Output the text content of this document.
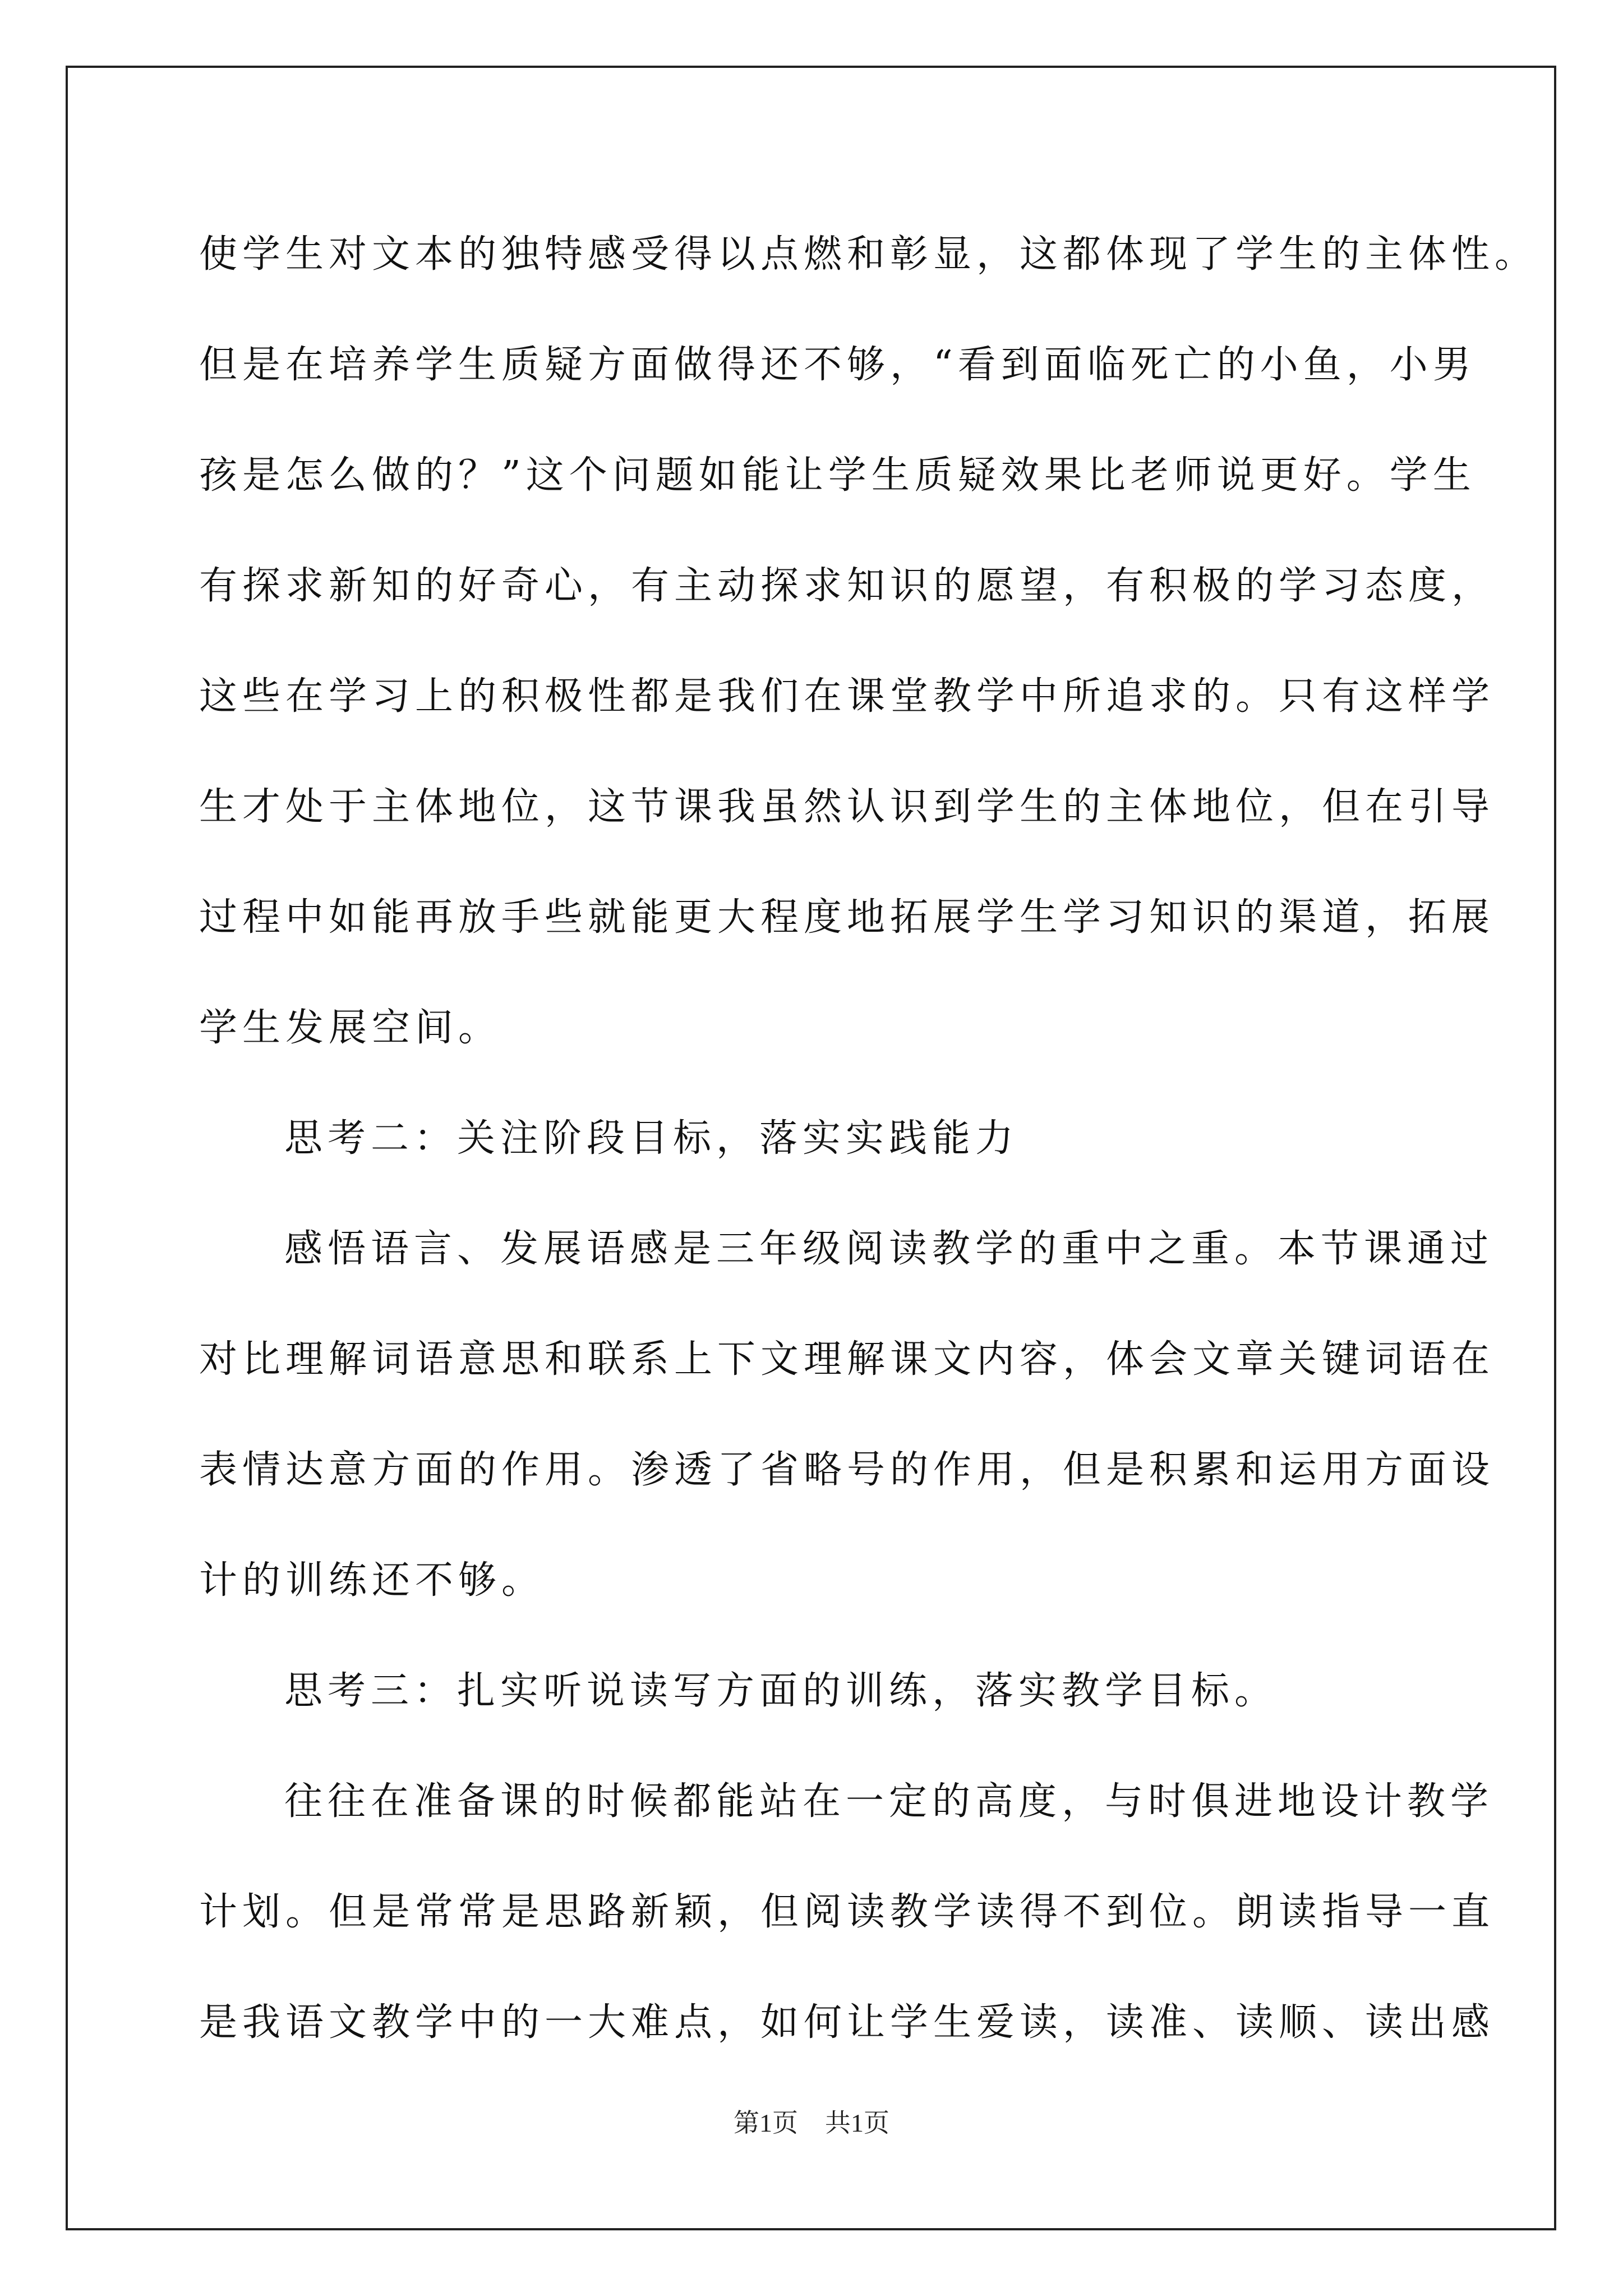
使学生对文本的独特感受得以点燃和彰显，这都体现了学生的主体性。
但是在培养学生质疑方面做得还不够，“看到面临死亡的小鱼，小男
孩是怎么做的？”这个问题如能让学生质疑效果比老师说更好。学生
有探求新知的好奇心，有主动探求知识的愿望，有积极的学习态度，
这些在学习上的积极性都是我们在课堂教学中所追求的。只有这样学
生才处于主体地位，这节课我虽然认识到学生的主体地位，但在引导
过程中如能再放手些就能更大程度地拓展学生学习知识的渠道，拓展
学生发展空间。
思考二：关注阶段目标，落实实践能力
感悟语言、发展语感是三年级阅读教学的重中之重。本节课通过
对比理解词语意思和联系上下文理解课文内容，体会文章关键词语在
表情达意方面的作用。渗透了省略号的作用，但是积累和运用方面设
计的训练还不够。
思考三：扎实听说读写方面的训练，落实教学目标。
往往在准备课的时候都能站在一定的高度，与时俱进地设计教学
计划。但是常常是思路新颖，但阅读教学读得不到位。朗读指导一直
是我语文教学中的一大难点，如何让学生爱读，读准、读顺、读出感
第1页 共1页
